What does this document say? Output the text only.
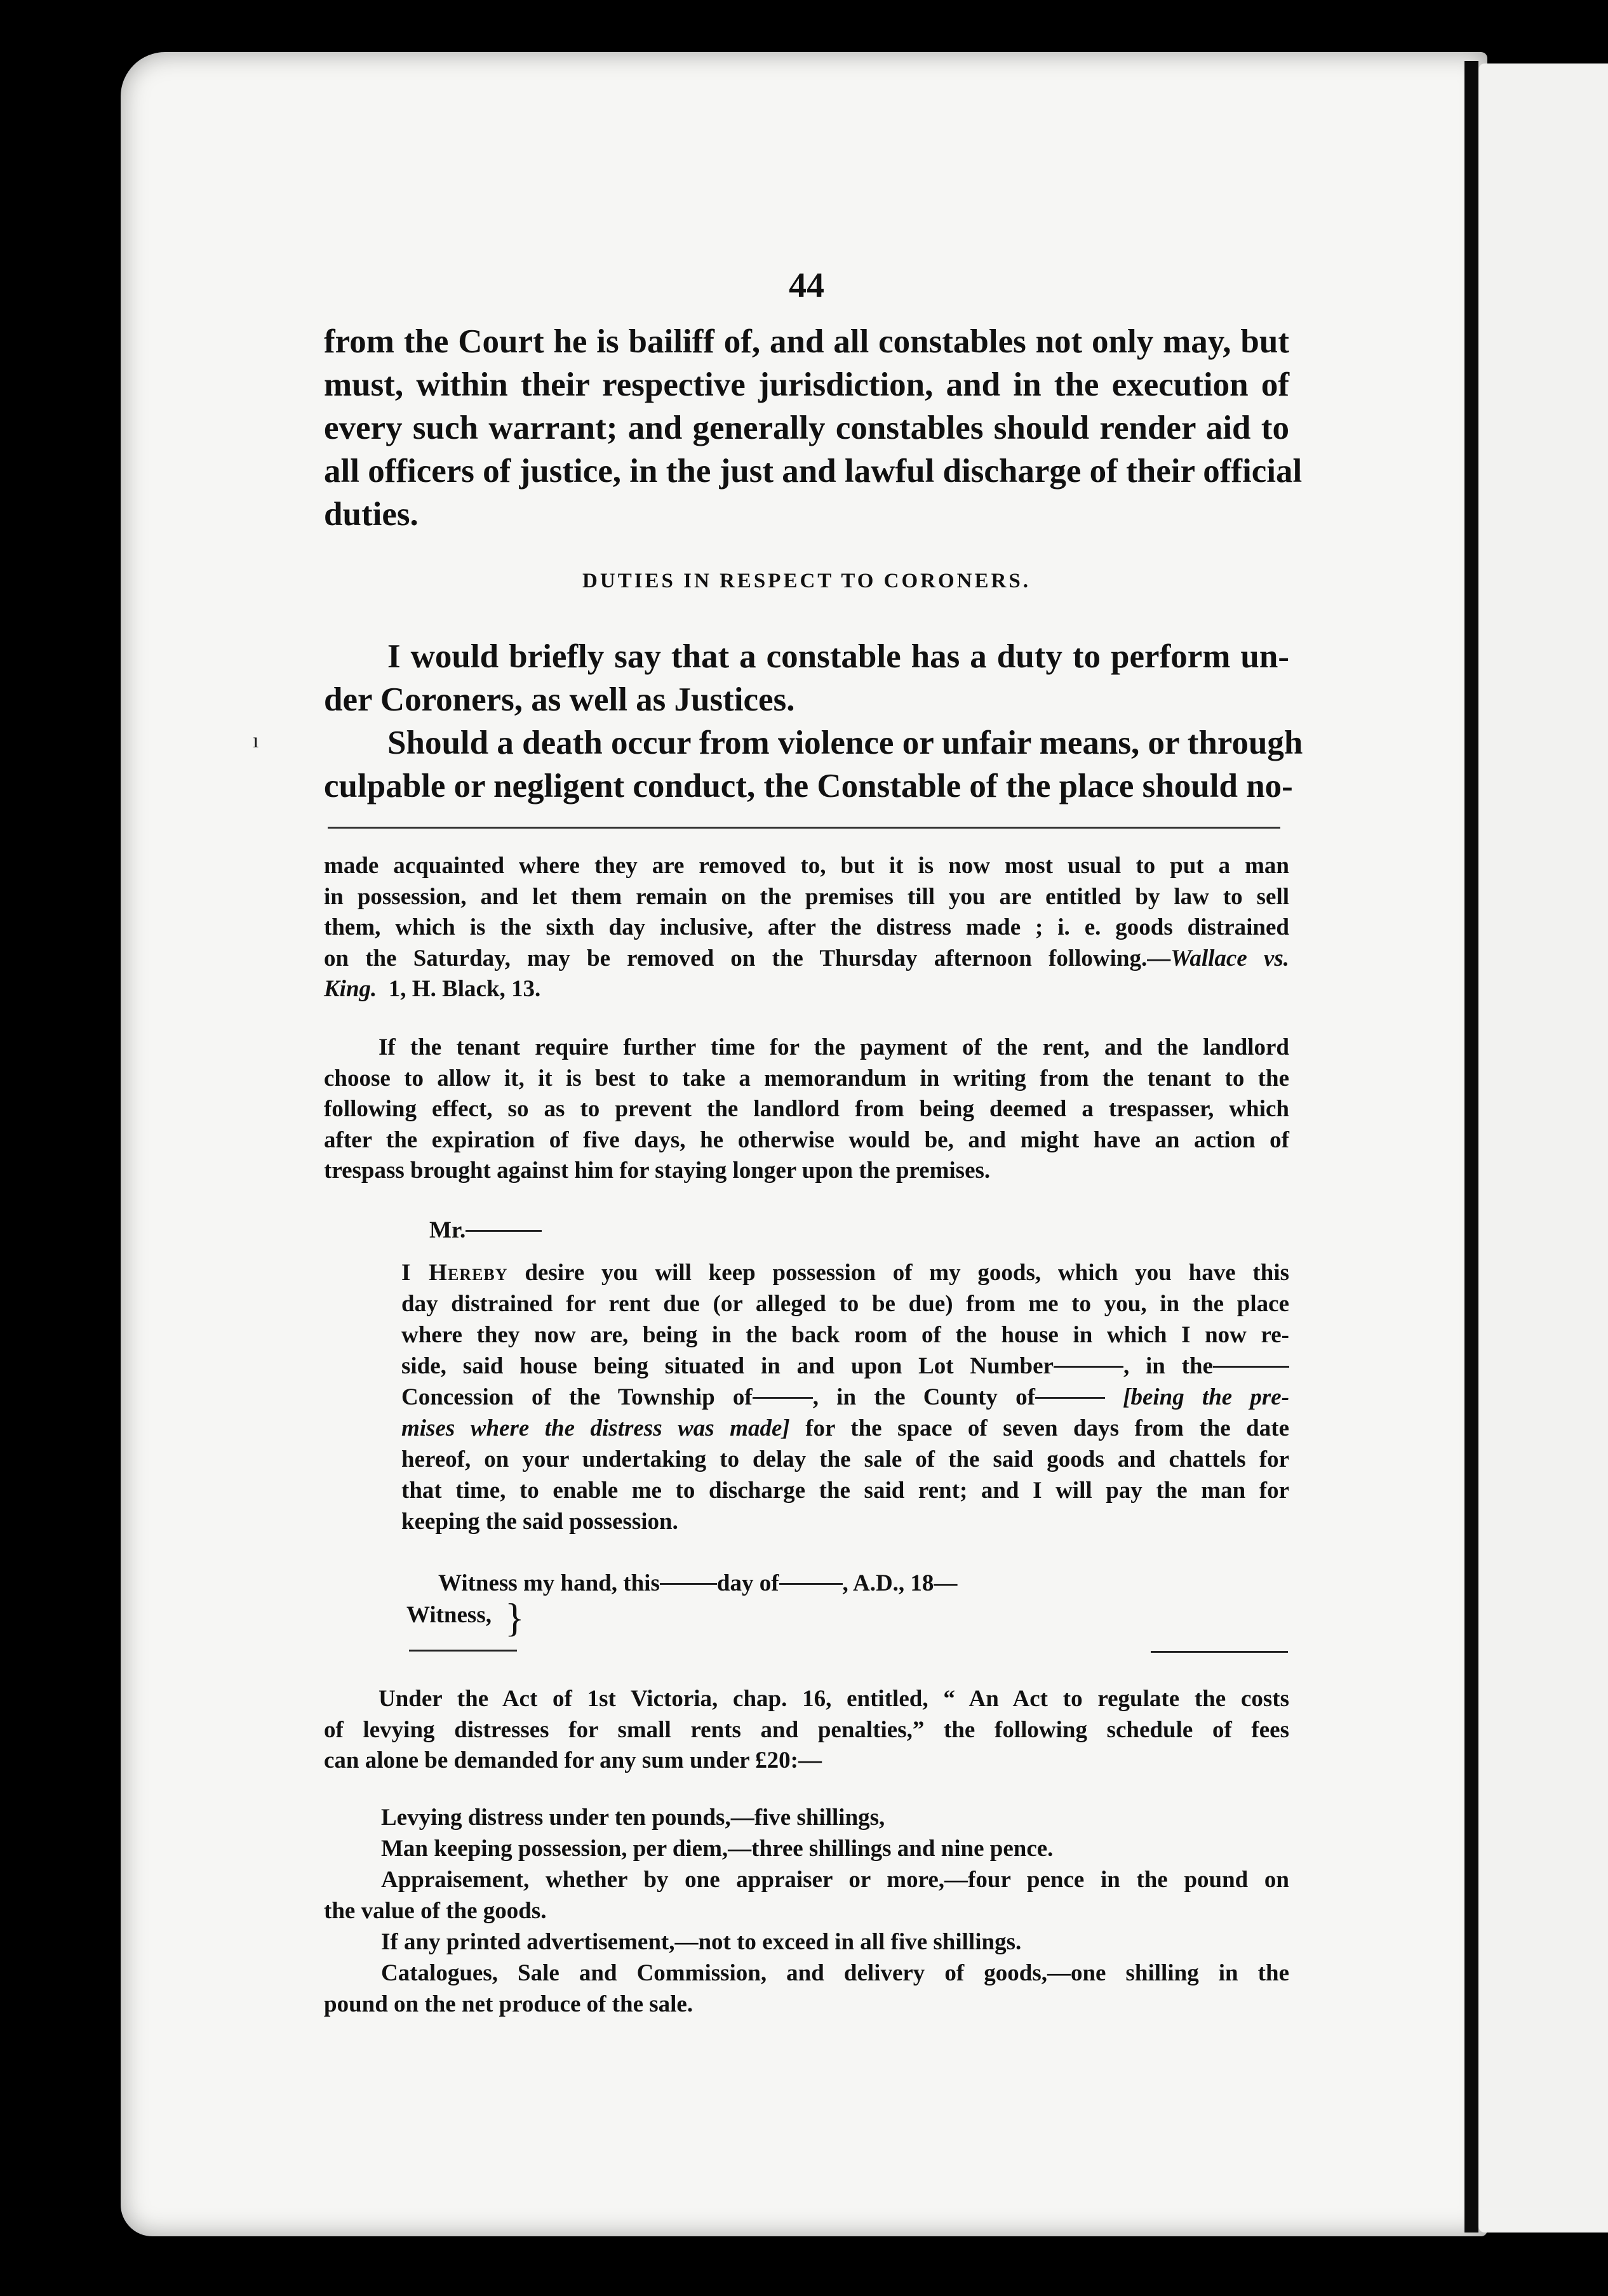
ı
44
from the Court he is bailiff of, and all constables not only may, but
must, within their respective jurisdiction, and in the execution of
every such warrant; and generally constables should render aid to
all officers of justice, in the just and lawful discharge of their official
duties.
DUTIES IN RESPECT TO CORONERS.
I would briefly say that a constable has a duty to perform un-
der Coroners, as well as Justices.
Should a death occur from violence or unfair means, or through
culpable or negligent conduct, the Constable of the place should no-
made acquainted where they are removed to, but it is now most usual to put a man
in possession, and let them remain on the premises till you are entitled by law to sell
them, which is the sixth day inclusive, after the distress made ; i. e. goods distrained
on the Saturday, may be removed on the Thursday afternoon following.—Wallace vs.
King. 1, H. Black, 13.
If the tenant require further time for the payment of the rent, and the landlord
choose to allow it, it is best to take a memorandum in writing from the tenant to the
following effect, so as to prevent the landlord from being deemed a trespasser, which
after the expiration of five days, he otherwise would be, and might have an action of
trespass brought against him for staying longer upon the premises.
Mr.
I Hereby desire you will keep possession of my goods, which you have this
day distrained for rent due (or alleged to be due) from me to you, in the place
where they now are, being in the back room of the house in which I now re-
side, said house being situated in and upon Lot Number	, in the
Concession of the Township of	, in the County of	[being the pre-
mises where the distress was made] for the space of seven days from the date
hereof, on your undertaking to delay the sale of the said goods and chattels for
that time, to enable me to discharge the said rent; and I will pay the man for
keeping the said possession.
Witness my hand, this day of	, A.D., 18—
Witness, }
Under the Act of 1st Victoria, chap. 16, entitled, “ An Act to regulate the costs
of levying distresses for small rents and penalties,” the following schedule of fees
can alone be demanded for any sum under £20:—
Levying distress under ten pounds,—five shillings,
Man keeping possession, per diem,—three shillings and nine pence.
Appraisement, whether by one appraiser or more,—four pence in the pound on
the value of the goods.
If any printed advertisement,—not to exceed in all five shillings.
Catalogues, Sale and Commission, and delivery of goods,—one shilling in the
pound on the net produce of the sale.
